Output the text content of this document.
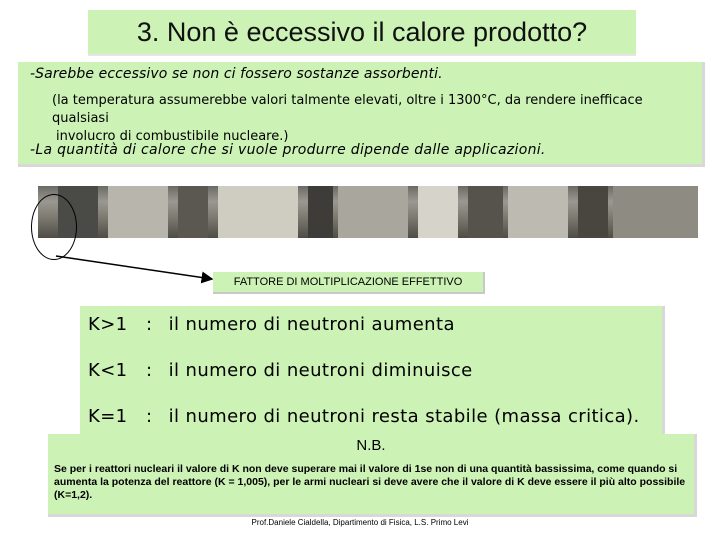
3. Non è eccessivo il calore prodotto?
-Sarebbe eccessivo se non ci fossero sostanze assorbenti.
(la temperatura assumerebbe valori talmente elevati, oltre i 1300°C, da rendere inefficace qualsiasi
involucro di combustibile nucleare.)
-La quantità di calore che si vuole produrre dipende dalle applicazioni.
FATTORE DI MOLTIPLICAZIONE EFFETTIVO
K>1 : il numero di neutroni aumenta
K<1 : il numero di neutroni diminuisce
K=1 : il numero di neutroni resta stabile (massa critica).
N.B.
Se per i reattori nucleari il valore di K non deve superare mai il valore di 1se non di una quantità bassissima, come quando si aumenta la potenza del reattore (K = 1,005), per le armi nucleari si deve avere che il valore di K deve essere il più alto possibile (K=1,2).
Prof.Daniele Cialdella, Dipartimento di Fisica, L.S. Primo Levi
